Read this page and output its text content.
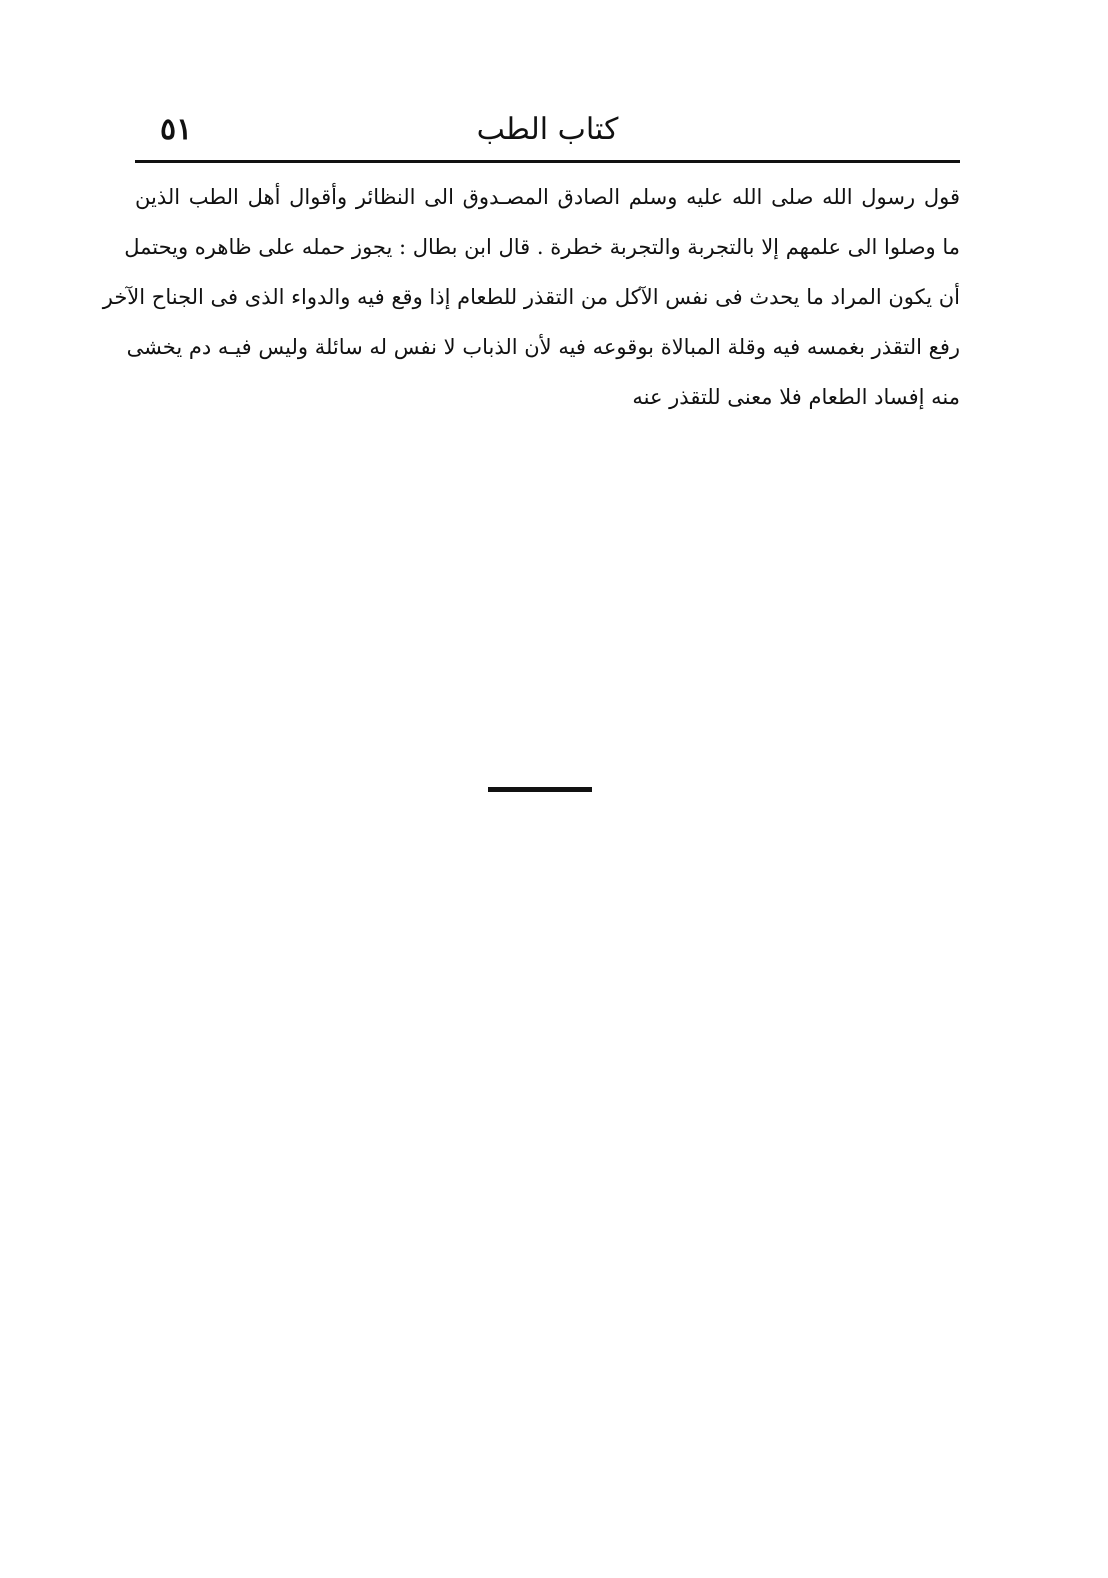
كتاب الطب
٥١
قول رسول الله صلى الله عليه وسلم الصادق المصـدوق الى النظائر وأقوال أهل الطب الذين
ما وصلوا الى علمهم إلا بالتجربة والتجربة خطرة . قال ابن بطال : يجوز حمله على ظاهره ويحتمل
أن يكون المراد ما يحدث فى نفس الآكل من التقذر للطعام إذا وقع فيه والدواء الذى فى الجناح الآخر
رفع التقذر بغمسه فيه وقلة المبالاة بوقوعه فيه لأن الذباب لا نفس له سائلة وليس فيـه دم يخشى
منه إفساد الطعام فلا معنى للتقذر عنه
